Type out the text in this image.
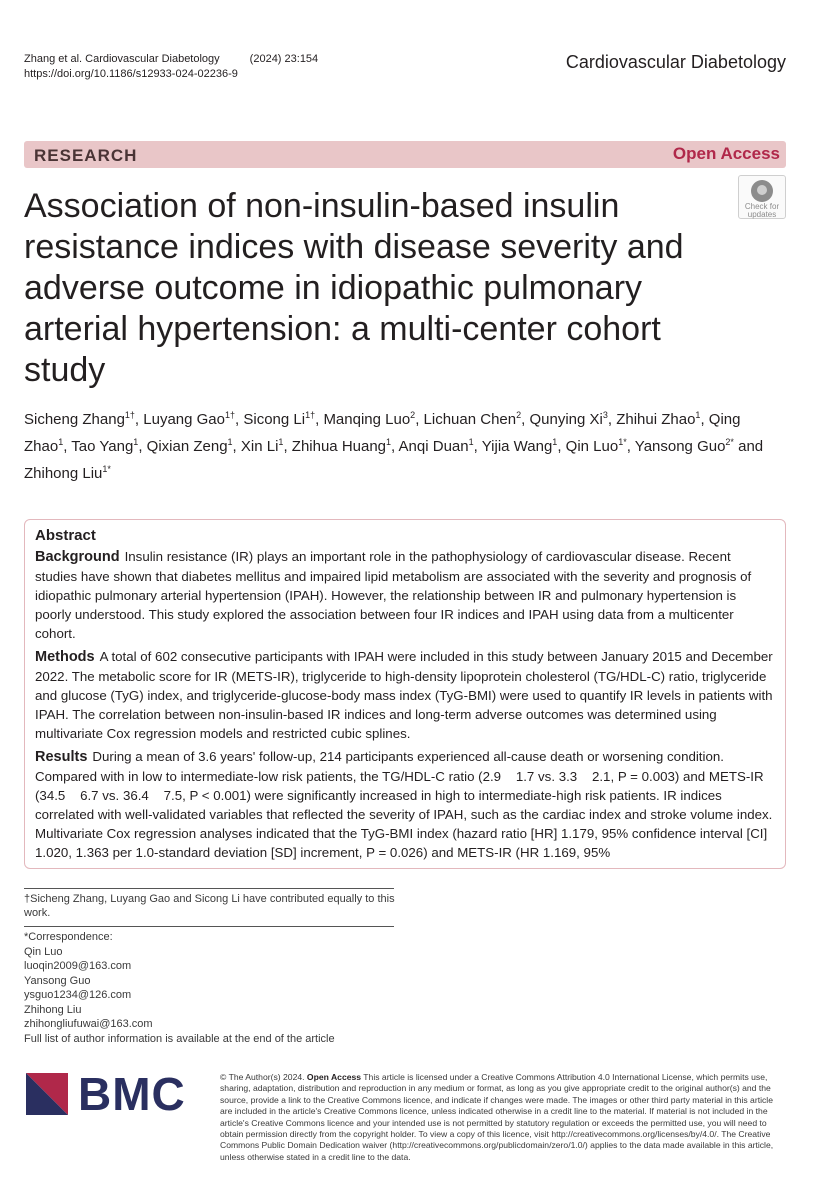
Zhang et al. Cardiovascular Diabetology	(2024) 23:154
https://doi.org/10.1186/s12933-024-02236-9
Cardiovascular Diabetology
RESEARCH	Open Access
Check for
updates
Association of non-insulin-based insulin resistance indices with disease severity and adverse outcome in idiopathic pulmonary arterial hypertension: a multi-center cohort study
Sicheng Zhang$^{1\dagger}$, Luyang Gao$^{1\dagger}$, Sicong $Li^{1\dagger}$, Manqing Luo$^2$, Lichuan Chen$^2$, Qunying Xi$^3$, Zhihui Zhao$^1$, Qing Zhao$^1$, Tao Yang$^1$, Qixian Zeng$^1$, Xin Li$^1$, Zhihua Huang$^1$, Anqi Duan$^1$, Yijia Wang$^1$, Qin Luo$^{1*}$, Yansong Guo$^{2*}$ and Zhihong Liu$^{1*}$
Abstract

Background Insulin resistance (IR) plays an important role in the pathophysiology of cardiovascular disease. Recent studies have shown that diabetes mellitus and impaired lipid metabolism are associated with the severity and prognosis of idiopathic pulmonary arterial hypertension (IPAH). However, the relationship between IR and pulmonary hypertension is poorly understood. This study explored the association between four IR indices and IPAH using data from a multicenter cohort.

Methods A total of 602 consecutive participants with IPAH were included in this study between January 2015 and December 2022. The metabolic score for IR (METS-IR), triglyceride to high-density lipoprotein cholesterol (TG/HDL-C) ratio, triglyceride and glucose (TyG) index, and triglyceride-glucose-body mass index (TyG-BMI) were used to quantify IR levels in patients with IPAH. The correlation between non-insulin-based IR indices and long-term adverse outcomes was determined using multivariate Cox regression models and restricted cubic splines.

Results During a mean of 3.6 years' follow-up, 214 participants experienced all-cause death or worsening condition. Compared with in low to intermediate-low risk patients, the TG/HDL-C ratio (2.9    1.7 vs. 3.3    2.1, P = 0.003) and METS-IR (34.5    6.7 vs. 36.4    7.5, P < 0.001) were significantly increased in high to intermediate-high risk patients. IR indices correlated with well-validated variables that reflected the severity of IPAH, such as the cardiac index and stroke volume index. Multivariate Cox regression analyses indicated that the TyG-BMI index (hazard ratio [HR] 1.179, 95% confidence interval [CI] 1.020, 1.363 per 1.0-standard deviation [SD] increment, P = 0.026) and METS-IR (HR 1.169, 95%

†Sicheng Zhang, Luyang Gao and Sicong Li have contributed equally to this work.
*Correspondence:
Qin Luo
luoqin2009@163.com
Yansong Guo
ysguo1234@126.com
Zhihong Liu
zhihongliufuwai@163.com
Full list of author information is available at the end of the article
BMC	© The Author(s) 2024. Open Access This article is licensed under a Creative Commons Attribution 4.0 International License, which permits use, sharing, adaptation, distribution and reproduction in any medium or format, as long as you give appropriate credit to the original author(s) and the source, provide a link to the Creative Commons licence, and indicate if changes were made. The images or other third party material in this article are included in the article's Creative Commons licence, unless indicated otherwise in a credit line to the material. If material is not included in the article's Creative Commons licence and your intended use is not permitted by statutory regulation or exceeds the permitted use, you will need to obtain permission directly from the copyright holder. To view a copy of this licence, visit http://creativecommons.org/licenses/by/4.0/. The Creative Commons Public Domain Dedication waiver (http://creativecommons.org/publicdomain/zero/1.0/) applies to the data made available in this article, unless otherwise stated in a credit line to the data.
